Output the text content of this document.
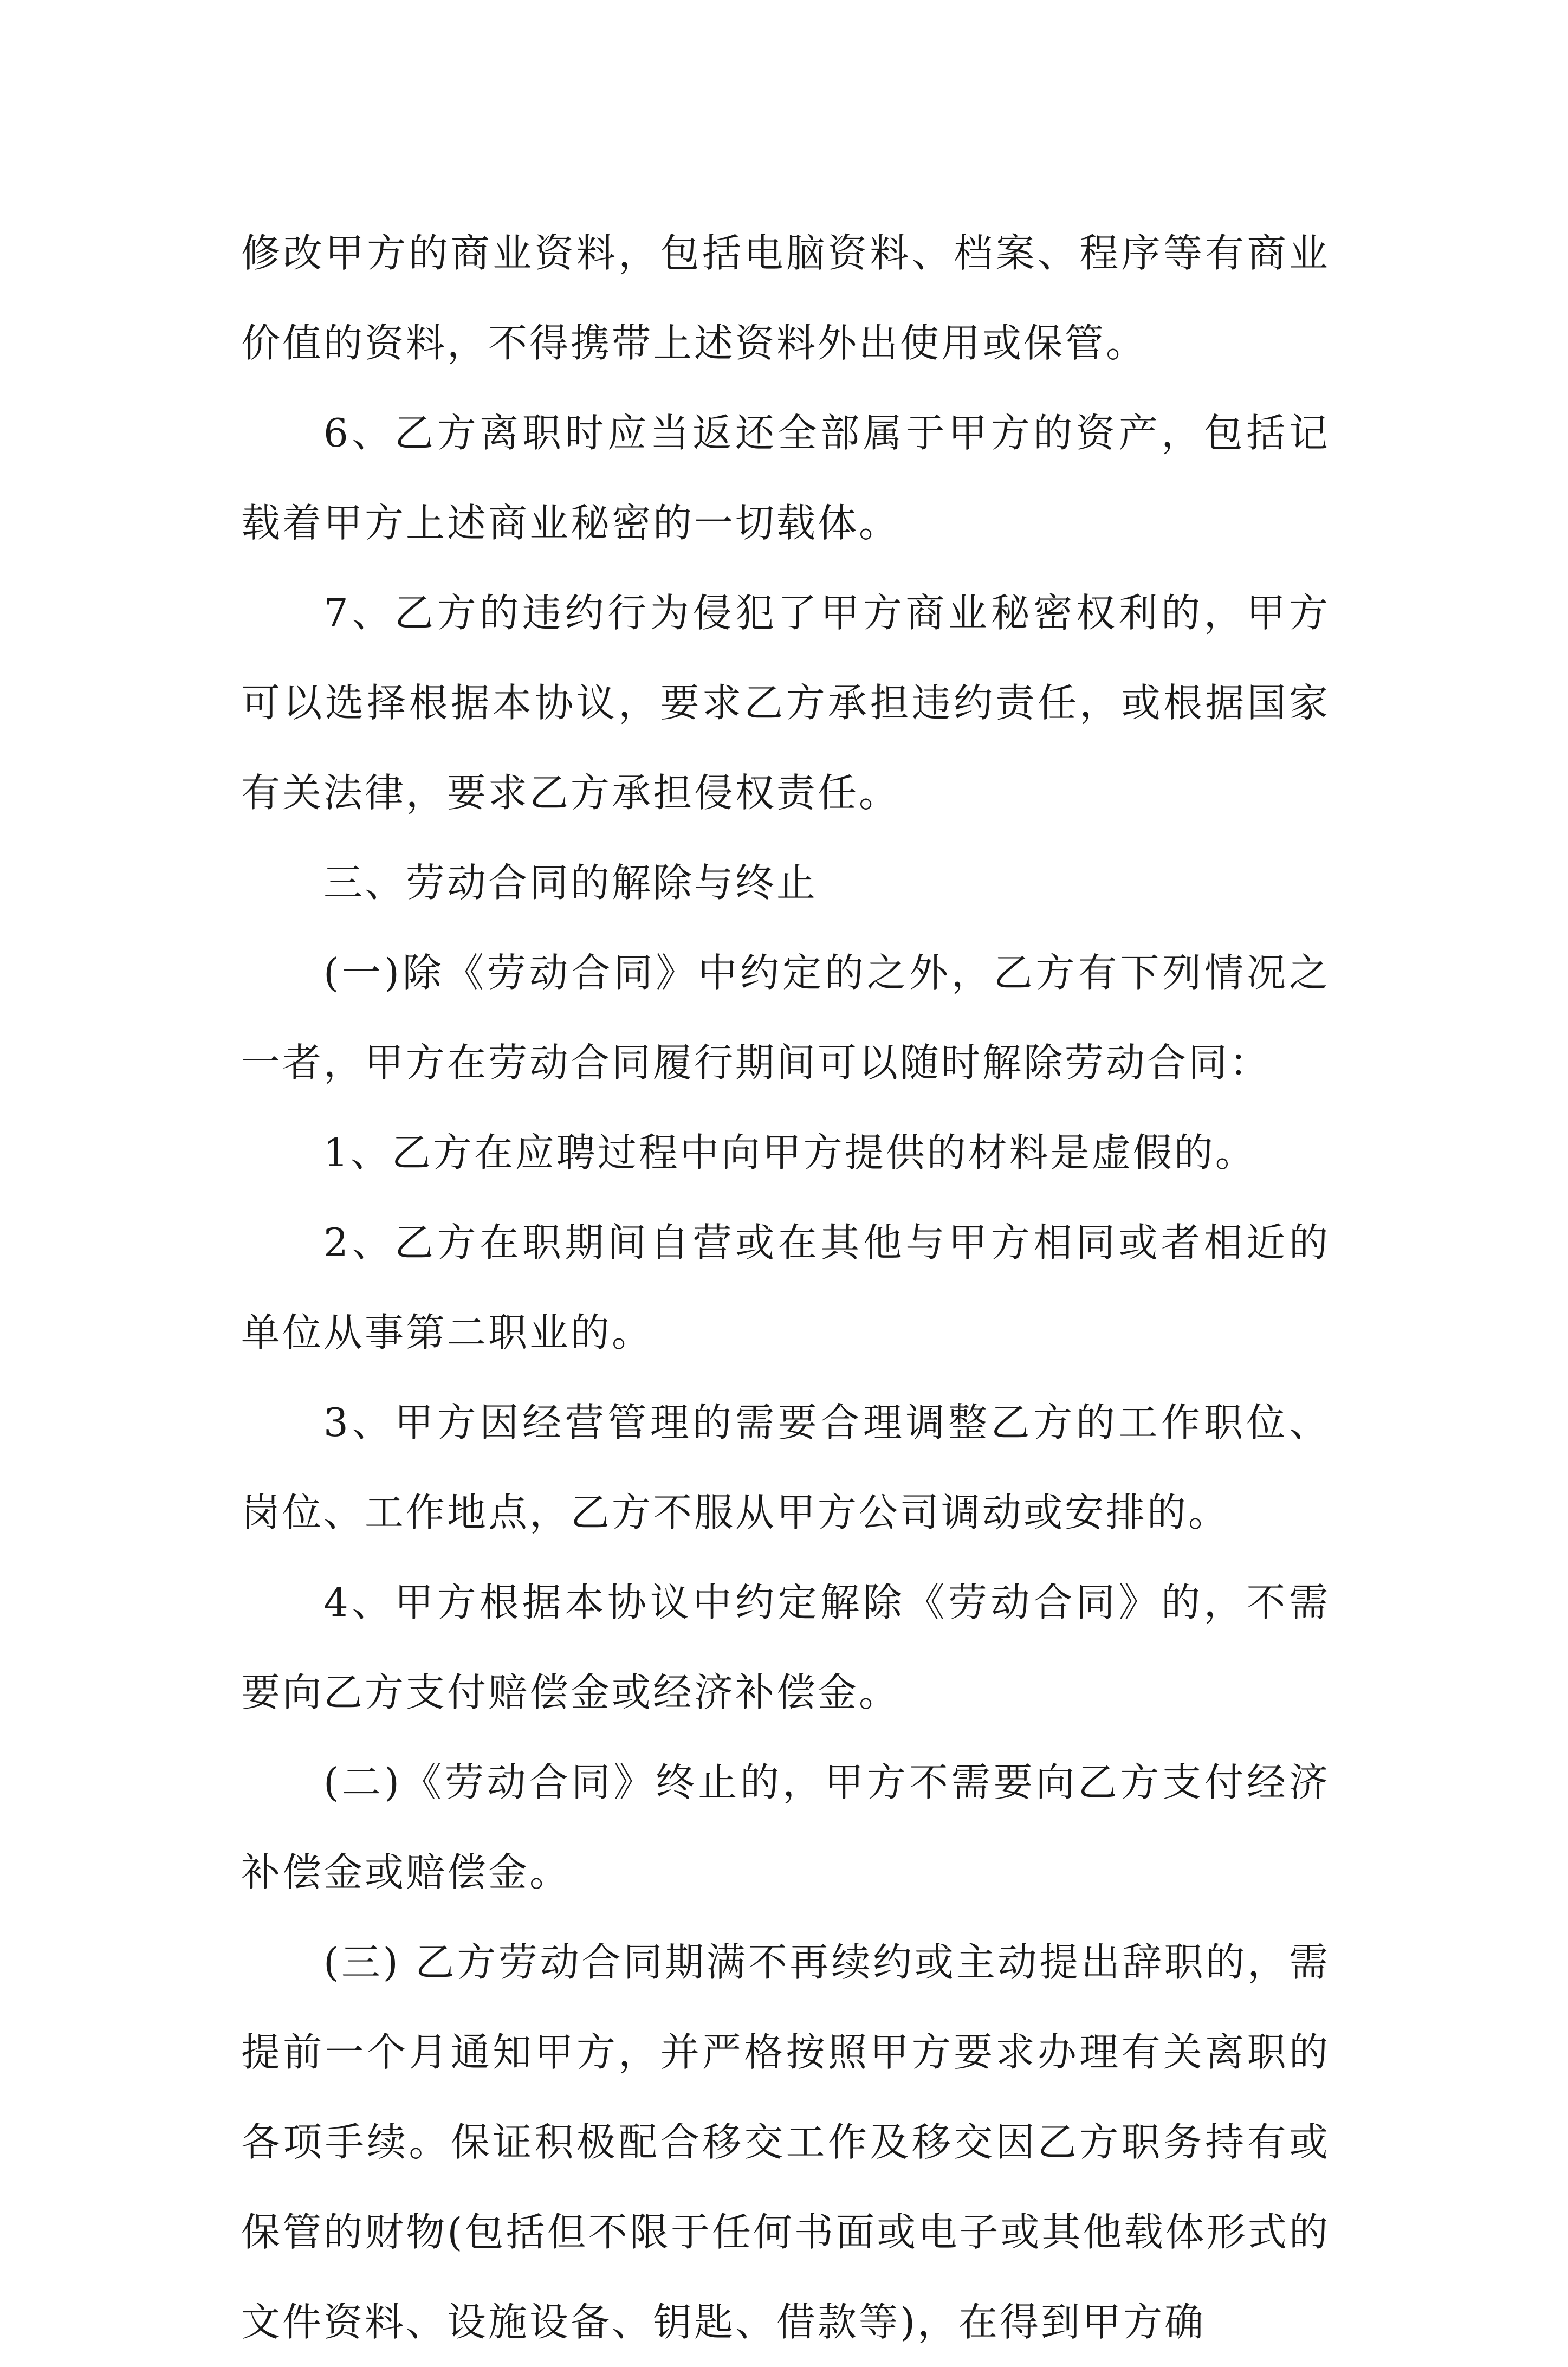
修改甲方的商业资料，包括电脑资料、档案、程序等有商业价值的资料，不得携带上述资料外出使用或保管。

6、乙方离职时应当返还全部属于甲方的资产，包括记载着甲方上述商业秘密的一切载体。

7、乙方的违约行为侵犯了甲方商业秘密权利的，甲方可以选择根据本协议，要求乙方承担违约责任，或根据国家有关法律，要求乙方承担侵权责任。

三、劳动合同的解除与终止

(一)除《劳动合同》中约定的之外，乙方有下列情况之一者，甲方在劳动合同履行期间可以随时解除劳动合同：

1、乙方在应聘过程中向甲方提供的材料是虚假的。

2、乙方在职期间自营或在其他与甲方相同或者相近的单位从事第二职业的。

3、甲方因经营管理的需要合理调整乙方的工作职位、岗位、工作地点，乙方不服从甲方公司调动或安排的。

4、甲方根据本协议中约定解除《劳动合同》的，不需要向乙方支付赔偿金或经济补偿金。

(二)《劳动合同》终止的，甲方不需要向乙方支付经济补偿金或赔偿金。

(三) 乙方劳动合同期满不再续约或主动提出辞职的，需提前一个月通知甲方，并严格按照甲方要求办理有关离职的各项手续。保证积极配合移交工作及移交因乙方职务持有或保管的财物(包括但不限于任何书面或电子或其他载体形式的文件资料、设施设备、钥匙、借款等)，在得到甲方确
